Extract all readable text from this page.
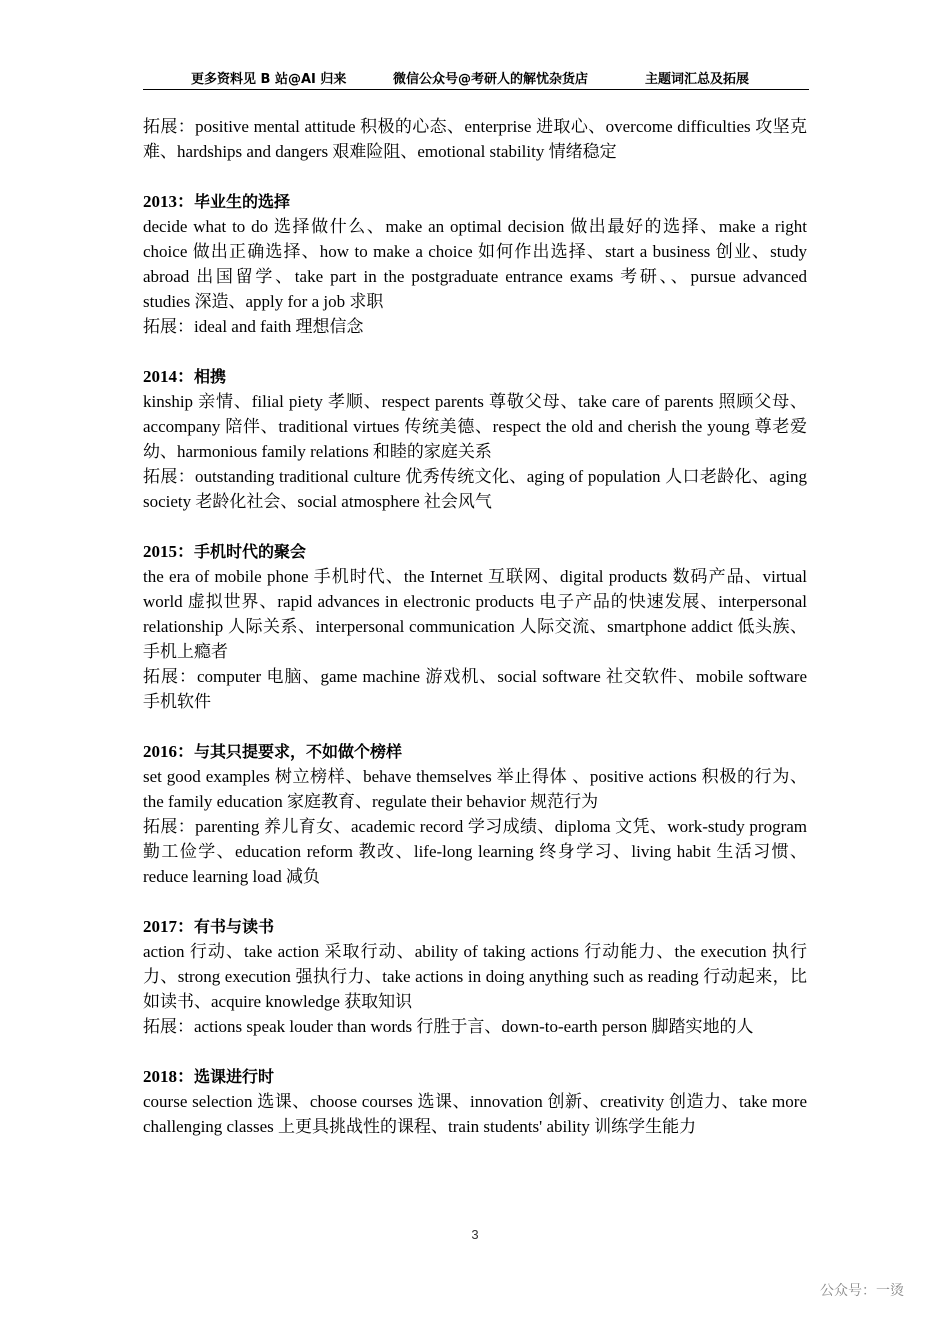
更多资料见 B 站@AI 归来	微信公众号@考研人的解忧杂货店	主题词汇总及拓展

拓展：positive mental attitude 积极的心态、enterprise 进取心、overcome difficulties 攻坚克难、hardships and dangers 艰难险阻、emotional stability 情绪稳定

2013：毕业生的选择

decide what to do 选择做什么、make an optimal decision 做出最好的选择、make a right choice 做出正确选择、how to make a choice 如何作出选择、start a business 创业、study abroad 出国留学、take part in the postgraduate entrance exams 考研、、pursue advanced studies 深造、apply for a job 求职

拓展：ideal and faith 理想信念

2014：相携

kinship 亲情、filial piety 孝顺、respect parents 尊敬父母、take care of parents 照顾父母、accompany 陪伴、traditional virtues 传统美德、respect the old and cherish the young 尊老爱幼、harmonious family relations 和睦的家庭关系

拓展：outstanding traditional culture 优秀传统文化、aging of population 人口老龄化、aging society 老龄化社会、social atmosphere 社会风气

2015：手机时代的聚会

the era of mobile phone 手机时代、the Internet 互联网、digital products 数码产品、virtual world 虚拟世界、rapid advances in electronic products 电子产品的快速发展、interpersonal relationship 人际关系、interpersonal communication 人际交流、smartphone addict 低头族、手机上瘾者

拓展：computer 电脑、game machine 游戏机、social software 社交软件、mobile software 手机软件

2016：与其只提要求，不如做个榜样

set good examples 树立榜样、behave themselves 举止得体 、positive actions 积极的行为、the family education 家庭教育、regulate their behavior 规范行为

拓展：parenting 养儿育女、academic record 学习成绩、diploma 文凭、work-study program 勤工俭学、education reform 教改、life-long learning 终身学习、living habit 生活习惯、reduce learning load 减负

2017：有书与读书

action 行动、take action 采取行动、ability of taking actions 行动能力、the execution 执行力、strong execution 强执行力、take actions in doing anything such as reading 行动起来，比如读书、acquire knowledge 获取知识

拓展：actions speak louder than words 行胜于言、down-to-earth person 脚踏实地的人

2018：选课进行时

course selection 选课、choose courses 选课、innovation 创新、creativity 创造力、take more challenging classes 上更具挑战性的课程、train students' ability 训练学生能力

3
公众号：一烫
